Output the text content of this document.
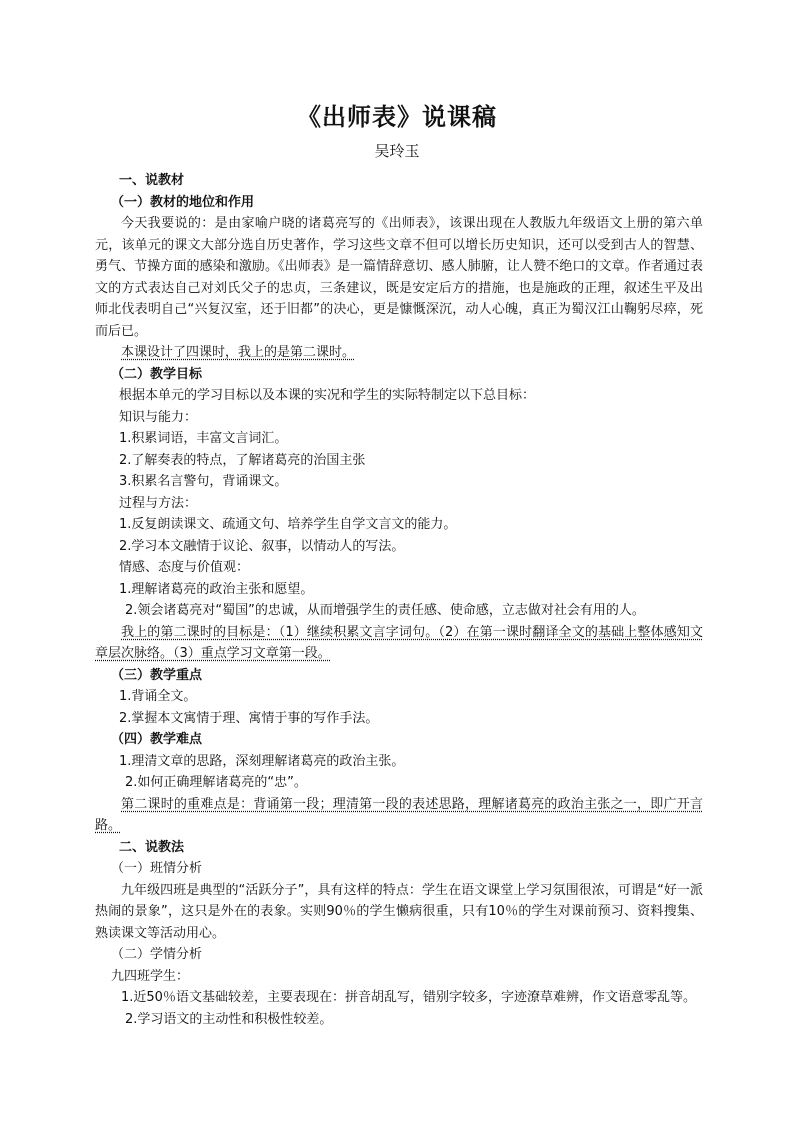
《出师表》说课稿
吴玲玉

一、说教材

（一）教材的地位和作用

今天我要说的：是由家喻户晓的诸葛亮写的《出师表》，该课出现在人教版九年级语文上册的第六单元，该单元的课文大部分选自历史著作，学习这些文章不但可以增长历史知识，还可以受到古人的智慧、勇气、节操方面的感染和激励。《出师表》是一篇情辞意切、感人肺腑，让人赞不绝口的文章。作者通过表文的方式表达自己对刘氏父子的忠贞，三条建议，既是安定后方的措施，也是施政的正理，叙述生平及出师北伐表明自己“兴复汉室，还于旧都”的决心，更是慷慨深沉，动人心魄，真正为蜀汉江山鞠躬尽瘁，死而后已。

本课设计了四课时，我上的是第二课时。

（二）教学目标

根据本单元的学习目标以及本课的实况和学生的实际特制定以下总目标：

知识与能力：

1.积累词语，丰富文言词汇。

2.了解奏表的特点，了解诸葛亮的治国主张

3.积累名言警句，背诵课文。

过程与方法：

1.反复朗读课文、疏通文句、培养学生自学文言文的能力。

2.学习本文融情于议论、叙事，以情动人的写法。

情感、态度与价值观：

1.理解诸葛亮的政治主张和愿望。

2.领会诸葛亮对“蜀国”的忠诚，从而增强学生的责任感、使命感，立志做对社会有用的人。

我上的第二课时的目标是：（1）继续积累文言字词句。（2）在第一课时翻译全文的基础上整体感知文章层次脉络。（3）重点学习文章第一段。

（三）教学重点

1.背诵全文。

2.掌握本文寓情于理、寓情于事的写作手法。

（四）教学难点

1.理清文章的思路，深刻理解诸葛亮的政治主张。

2.如何正确理解诸葛亮的“忠”。

第二课时的重难点是：背诵第一段；理清第一段的表述思路，理解诸葛亮的政治主张之一，即广开言路。

二、说教法

（一）班情分析

九年级四班是典型的“活跃分子”，具有这样的特点：学生在语文课堂上学习氛围很浓，可谓是“好一派热闹的景象”，这只是外在的表象。实则90％的学生懒病很重，只有10％的学生对课前预习、资料搜集、熟读课文等活动用心。

（二）学情分析

九四班学生：

1.近50％语文基础较差，主要表现在：拼音胡乱写，错别字较多，字迹潦草难辨，作文语意零乱等。

2.学习语文的主动性和积极性较差。
